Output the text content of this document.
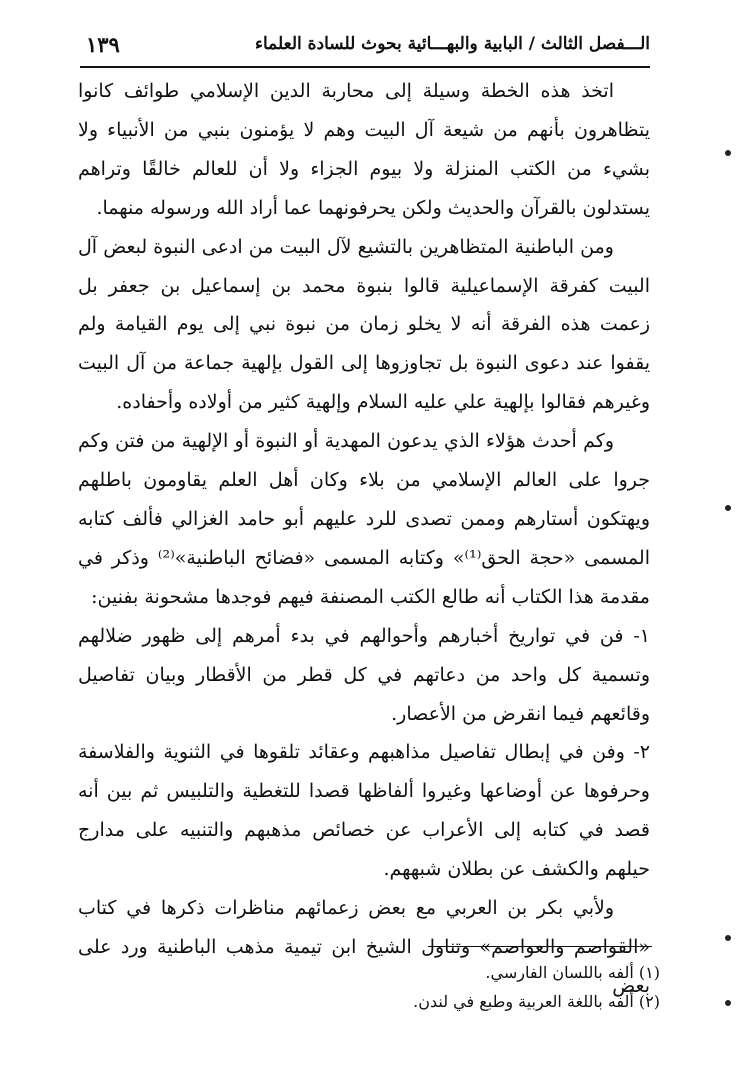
الـــفصل الثالث / البابية والبهـــائية بحوث للسادة العلماء
١٣٩

اتخذ هذه الخطة وسيلة إلى محاربة الدين الإسلامي طوائف كانوا يتظاهرون بأنهم من شيعة آل البيت وهم لا يؤمنون بنبي من الأنبياء ولا بشيء من الكتب المنزلة ولا بيوم الجزاء ولا أن للعالم خالقًا وتراهم يستدلون بالقرآن والحديث ولكن يحرفونهما عما أراد الله ورسوله منهما.

ومن الباطنية المتظاهرين بالتشيع لآل البيت من ادعى النبوة لبعض آل البيت كفرقة الإسماعيلية قالوا بنبوة محمد بن إسماعيل بن جعفر بل زعمت هذه الفرقة أنه لا يخلو زمان من نبوة نبي إلى يوم القيامة ولم يقفوا عند دعوى النبوة بل تجاوزوها إلى القول بإلهية جماعة من آل البيت وغيرهم فقالوا بإلهية علي عليه السلام وإلهية كثير من أولاده وأحفاده.

وكم أحدث هؤلاء الذي يدعون المهدية أو النبوة أو الإلهية من فتن وكم جروا على العالم الإسلامي من بلاء وكان أهل العلم يقاومون باطلهم ويهتكون أستارهم وممن تصدى للرد عليهم أبو حامد الغزالي فألف كتابه المسمى «حجة الحق⁽¹⁾» وكتابه المسمى «فضائح الباطنية»⁽²⁾ وذكر في مقدمة هذا الكتاب أنه طالع الكتب المصنفة فيهم فوجدها مشحونة بفنين:

١- فن في تواريخ أخبارهم وأحوالهم في بدء أمرهم إلى ظهور ضلالهم وتسمية كل واحد من دعاتهم في كل قطر من الأقطار وبيان تفاصيل وقائعهم فيما انقرض من الأعصار.

٢- وفن في إبطال تفاصيل مذاهبهم وعقائد تلقوها في الثنوية والفلاسفة وحرفوها عن أوضاعها وغيروا ألفاظها قصدا للتغطية والتلبيس ثم بين أنه قصد في كتابه إلى الأعراب عن خصائص مذهبهم والتنبيه على مدارج حيلهم والكشف عن بطلان شبههم.

ولأبي بكر بن العربي مع بعض زعمائهم مناظرات ذكرها في كتاب «القواصم والعواصم» وتناول الشيخ ابن تيمية مذهب الباطنية ورد على بعض

(١) ألفه باللسان الفارسي.
(٢) ألفه باللغة العربية وطبع في لندن.
